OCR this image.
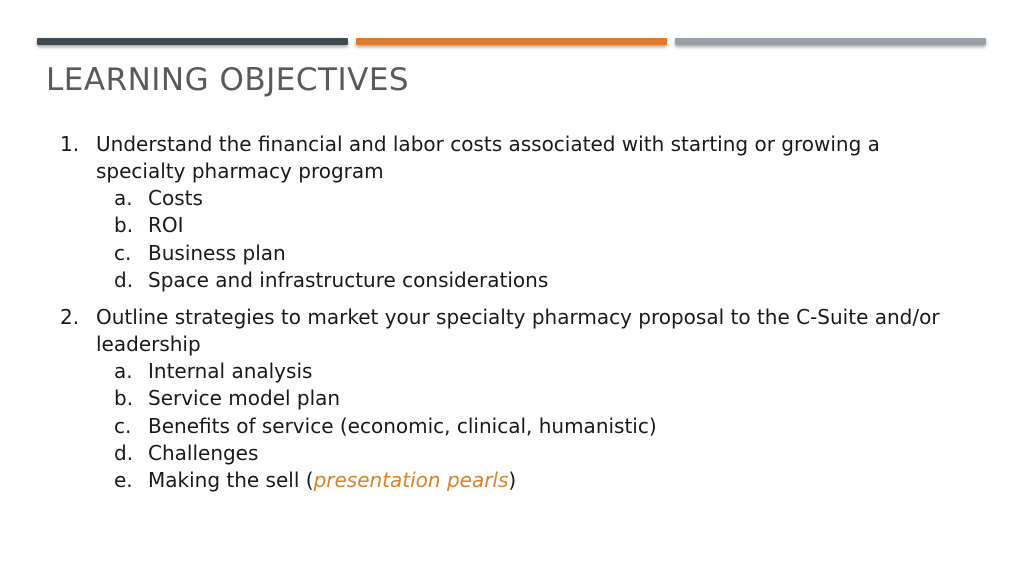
LEARNING OBJECTIVES
1. Understand the financial and labor costs associated with starting or growing a specialty pharmacy program
a. Costs
b. ROI
c. Business plan
d. Space and infrastructure considerations
2. Outline strategies to market your specialty pharmacy proposal to the C-Suite and/or leadership
a. Internal analysis
b. Service model plan
c. Benefits of service (economic, clinical, humanistic)
d. Challenges
e. Making the sell (presentation pearls)
